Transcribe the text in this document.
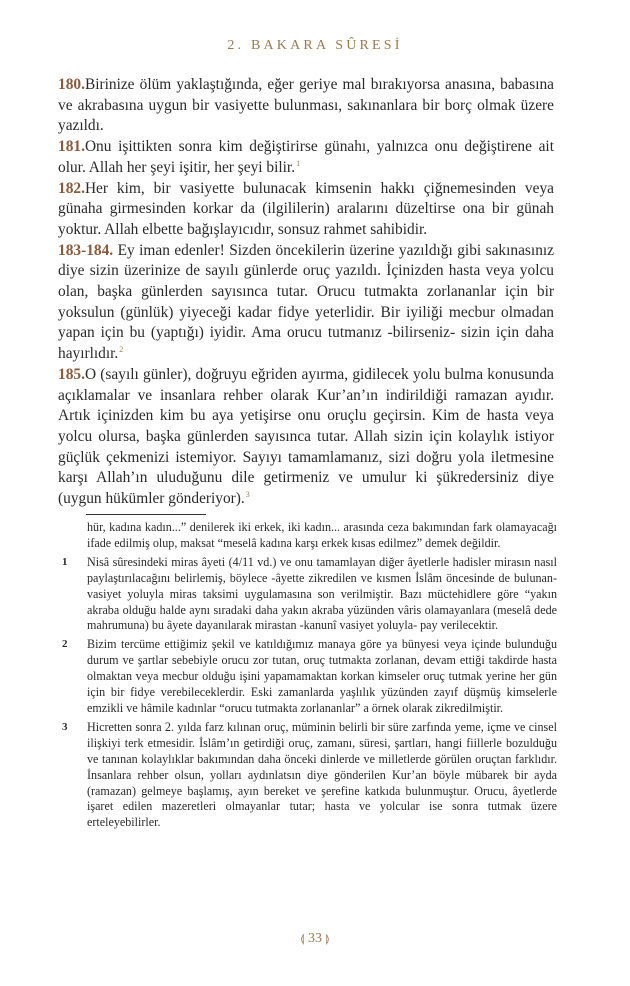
2. BAKARA SÛRESİ

180.Birinize ölüm yaklaştığında, eğer geriye mal bırakıyorsa anasına, babasına ve akrabasına uygun bir vasiyette bulunması, sakınanlara bir borç olmak üzere yazıldı.

181.Onu işittikten sonra kim değiştirirse günahı, yalnızca onu değiştirene ait olur. Allah her şeyi işitir, her şeyi bilir.$^1$

182.Her kim, bir vasiyette bulunacak kimsenin hakkı çiğnemesinden veya günaha girmesinden korkar da (ilgililerin) aralarını düzeltirse ona bir günah yoktur. Allah elbette bağışlayıcıdır, sonsuz rahmet sahibidir.

183-184. Ey iman edenler! Sizden öncekilerin üzerine yazıldığı gibi sakınasınız diye sizin üzerinize de sayılı günlerde oruç yazıldı. İçinizden hasta veya yolcu olan, başka günlerden sayısınca tutar. Orucu tutmakta zorlananlar için bir yoksulun (günlük) yiyeceği kadar fidye yeterlidir. Bir iyiliği mecbur olmadan yapan için bu (yaptığı) iyidir. Ama orucu tutmanız -bilirseniz- sizin için daha hayırlıdır.$^2$

185.O (sayılı günler), doğruyu eğriden ayırma, gidilecek yolu bulma konusunda açıklamalar ve insanlara rehber olarak Kur’an’ın indirildiği ramazan ayıdır. Artık içinizden kim bu aya yetişirse onu oruçlu geçirsin. Kim de hasta veya yolcu olursa, başka günlerden sayısınca tutar. Allah sizin için kolaylık istiyor güçlük çekmenizi istemiyor. Sayıyı tamamlamanız, sizi doğru yola iletmesine karşı Allah’ın uluduğunu dile getirmeniz ve umulur ki şükredersiniz diye (uygun hükümler gönderiyor).$^3$

hür, kadına kadın...” denilerek iki erkek, iki kadın... arasında ceza bakımından fark olamayacağı ifade edilmiş olup, maksat “meselâ kadına karşı erkek kısas edilmez” demek değildir.
1	Nisâ sûresindeki miras âyeti (4/11 vd.) ve onu tamamlayan diğer âyetlerle hadisler mirasın nasıl paylaştırılacağını belirlemiş, böylece -âyette zikredilen ve kısmen İslâm öncesinde de bulunan- vasiyet yoluyla miras taksimi uygulamasına son verilmiştir. Bazı müctehidlere göre “yakın akraba olduğu halde aynı sıradaki daha yakın akraba yüzünden vâris olamayanlara (meselâ dede mahrumuna) bu âyete dayanılarak mirastan -kanunî vasiyet yoluyla- pay verilecektir.
2	Bizim tercüme ettiğimiz şekil ve katıldığımız manaya göre ya bünyesi veya içinde bulunduğu durum ve şartlar sebebiyle orucu zor tutan, oruç tutmakta zorlanan, devam ettiği takdirde hasta olmaktan veya mecbur olduğu işini yapamamaktan korkan kimseler oruç tutmak yerine her gün için bir fidye verebileceklerdir. Eski zamanlarda yaşlılık yüzünden zayıf düşmüş kimselerle emzikli ve hâmile kadınlar “orucu tutmakta zorlananlar” a örnek olarak zikredilmiştir.
3	Hicretten sonra 2. yılda farz kılınan oruç, müminin belirli bir süre zarfında yeme, içme ve cinsel ilişkiyi terk etmesidir. İslâm’ın getirdiği oruç, zamanı, süresi, şartları, hangi fiillerle bozulduğu ve tanınan kolaylıklar bakımından daha önceki dinlerde ve milletlerde görülen oruçtan farklıdır. İnsanlara rehber olsun, yolları aydınlatsın diye gönderilen Kur’an böyle mübarek bir ayda (ramazan) gelmeye başlamış, ayın bereket ve şerefine katkıda bulunmuştur. Orucu, âyetlerde işaret edilen mazeretleri olmayanlar tutar; hasta ve yolcular ise sonra tutmak üzere erteleyebilirler.
⟬ 33 ⟭
